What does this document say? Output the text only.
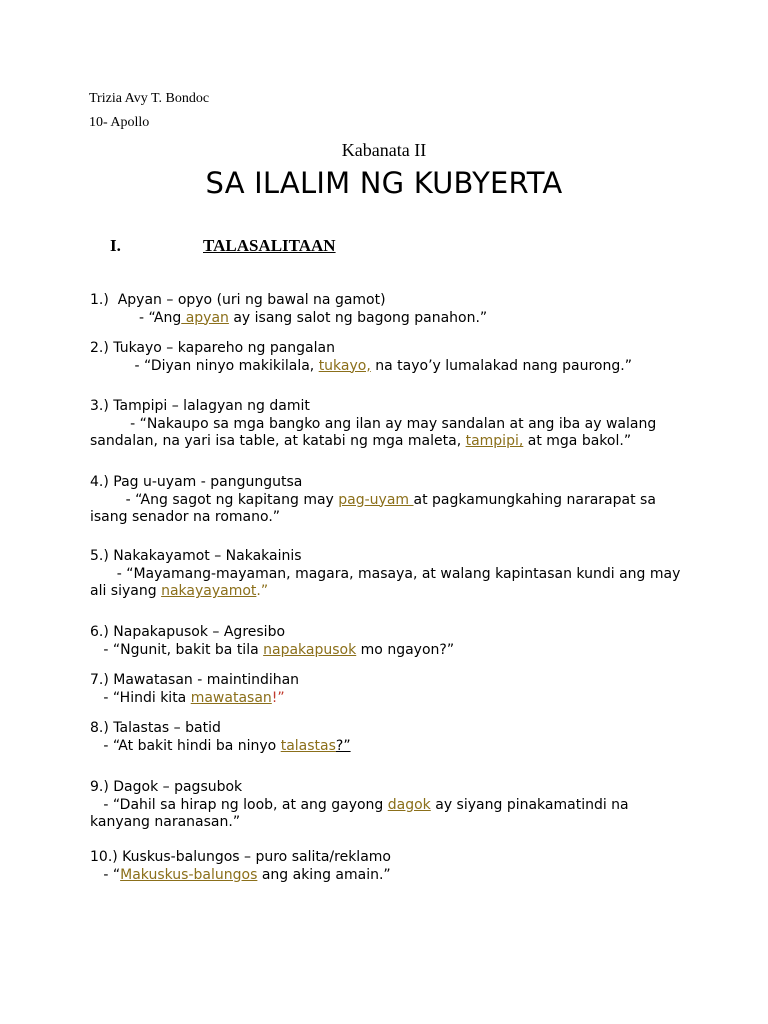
Trizia Avy T. Bondoc
10- Apollo
Kabanata II
SA ILALIM NG KUBYERTA
I.	TALASALITAAN
1.)  Apyan – opyo (uri ng bawal na gamot)
- “Ang apyan ay isang salot ng bagong panahon.”
2.) Tukayo – kapareho ng pangalan
- “Diyan ninyo makikilala, tukayo, na tayo’y lumalakad nang paurong.”
3.) Tampipi – lalagyan ng damit
- “Nakaupo sa mga bangko ang ilan ay may sandalan at ang iba ay walang
sandalan, na yari isa table, at katabi ng mga maleta, tampipi, at mga bakol.”
4.) Pag u-uyam - pangungutsa
- “Ang sagot ng kapitang may pag-uyam at pagkamungkahing nararapat sa
isang senador na romano.”
5.) Nakakayamot – Nakakainis
- “Mayamang-mayaman, magara, masaya, at walang kapintasan kundi ang may
ali siyang nakayayamot.”
6.) Napakapusok – Agresibo
- “Ngunit, bakit ba tila napakapusok mo ngayon?”
7.) Mawatasan - maintindihan
- “Hindi kita mawatasan!”
8.) Talastas – batid
- “At bakit hindi ba ninyo talastas?”
9.) Dagok – pagsubok
- “Dahil sa hirap ng loob, at ang gayong dagok ay siyang pinakamatindi na
kanyang naranasan.”
10.) Kuskus-balungos – puro salita/reklamo
- “Makuskus-balungos ang aking amain.”
